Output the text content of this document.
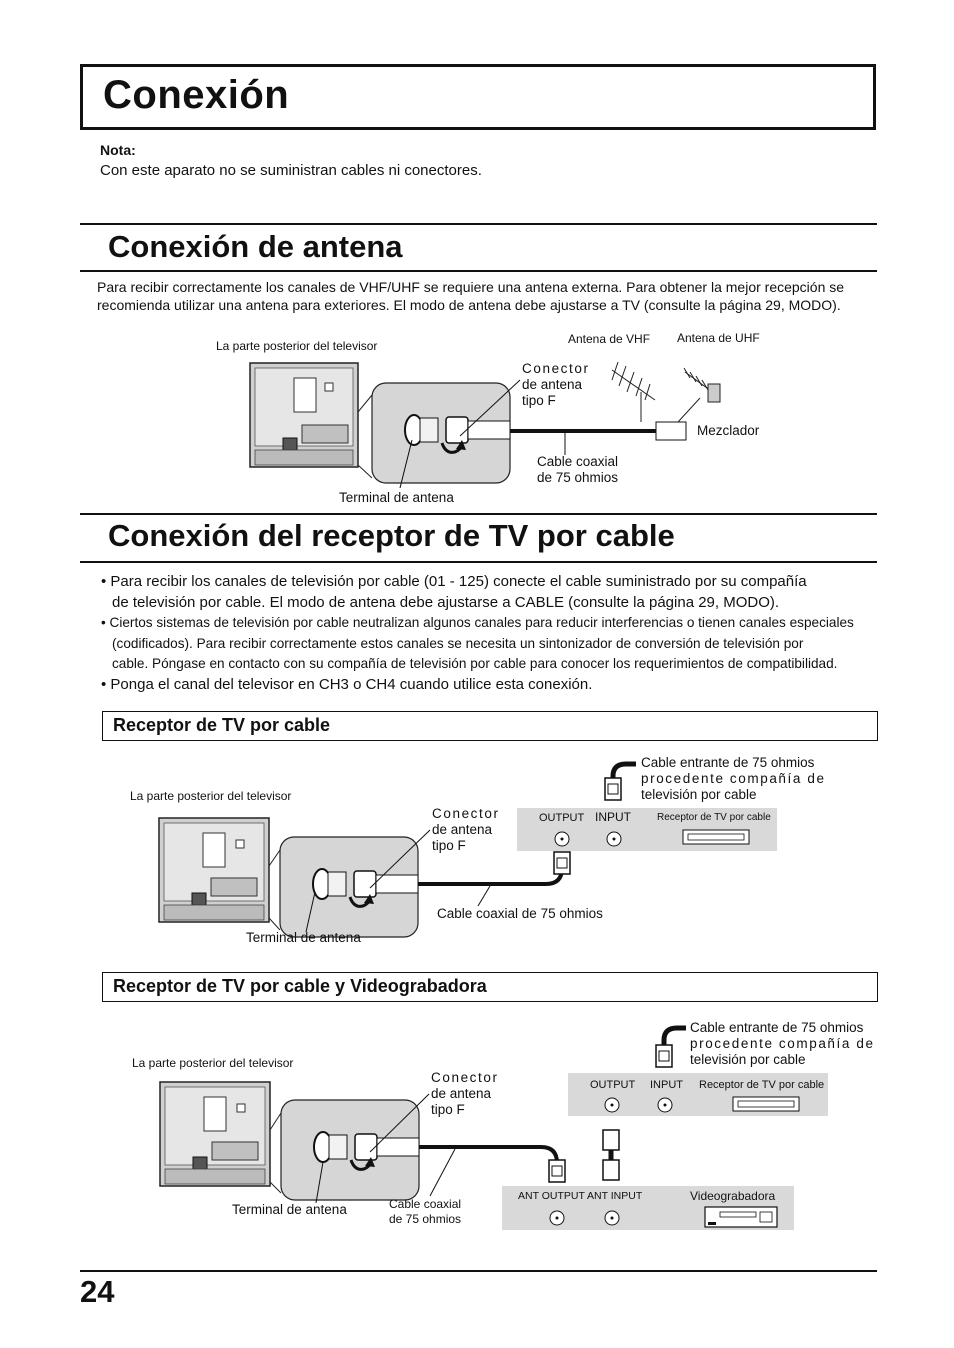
Conexión
Nota:
Con este aparato no se suministran cables ni conectores.
Conexión de antena
Para recibir correctamente los canales de VHF/UHF se requiere una antena externa. Para obtener la mejor recepción se
recomienda utilizar una antena para exteriores. El modo de antena debe ajustarse a TV (consulte la página 29, MODO).
La parte posterior del televisor	Antena de VHF Antena de UHF
Conector
de antena
tipo F
Mezclador
Cable coaxial
de 75 ohmios
Terminal de antena
Conexión del receptor de TV por cable
• Para recibir los canales de televisión por cable (01 - 125) conecte el cable suministrado por su compañía
de televisión por cable. El modo de antena debe ajustarse a CABLE (consulte la página 29, MODO).
• Ciertos sistemas de televisión por cable neutralizan algunos canales para reducir interferencias o tienen canales especiales
(codificados). Para recibir correctamente estos canales se necesita un sintonizador de conversión de televisión por
cable. Póngase en contacto con su compañía de televisión por cable para conocer los requerimientos de compatibilidad.
• Ponga el canal del televisor en CH3 o CH4 cuando utilice esta conexión.
Receptor de TV por cable
La parte posterior del televisor
Cable entrante de 75 ohmios
procedente compañía de
televisión por cable
OUTPUT INPUT	Receptor de TV por cable
Conector
de antena
tipo F
Cable coaxial de 75 ohmios
Terminal de antena
Receptor de TV por cable y Videograbadora
La parte posterior del televisor
Cable entrante de 75 ohmios
procedente compañía de
televisión por cable
OUTPUT INPUT Receptor de TV por cable
Conector
de antena
tipo F
ANT OUTPUT ANT INPUT	Videograbadora
Cable coaxial
de 75 ohmios
Terminal de antena
24
